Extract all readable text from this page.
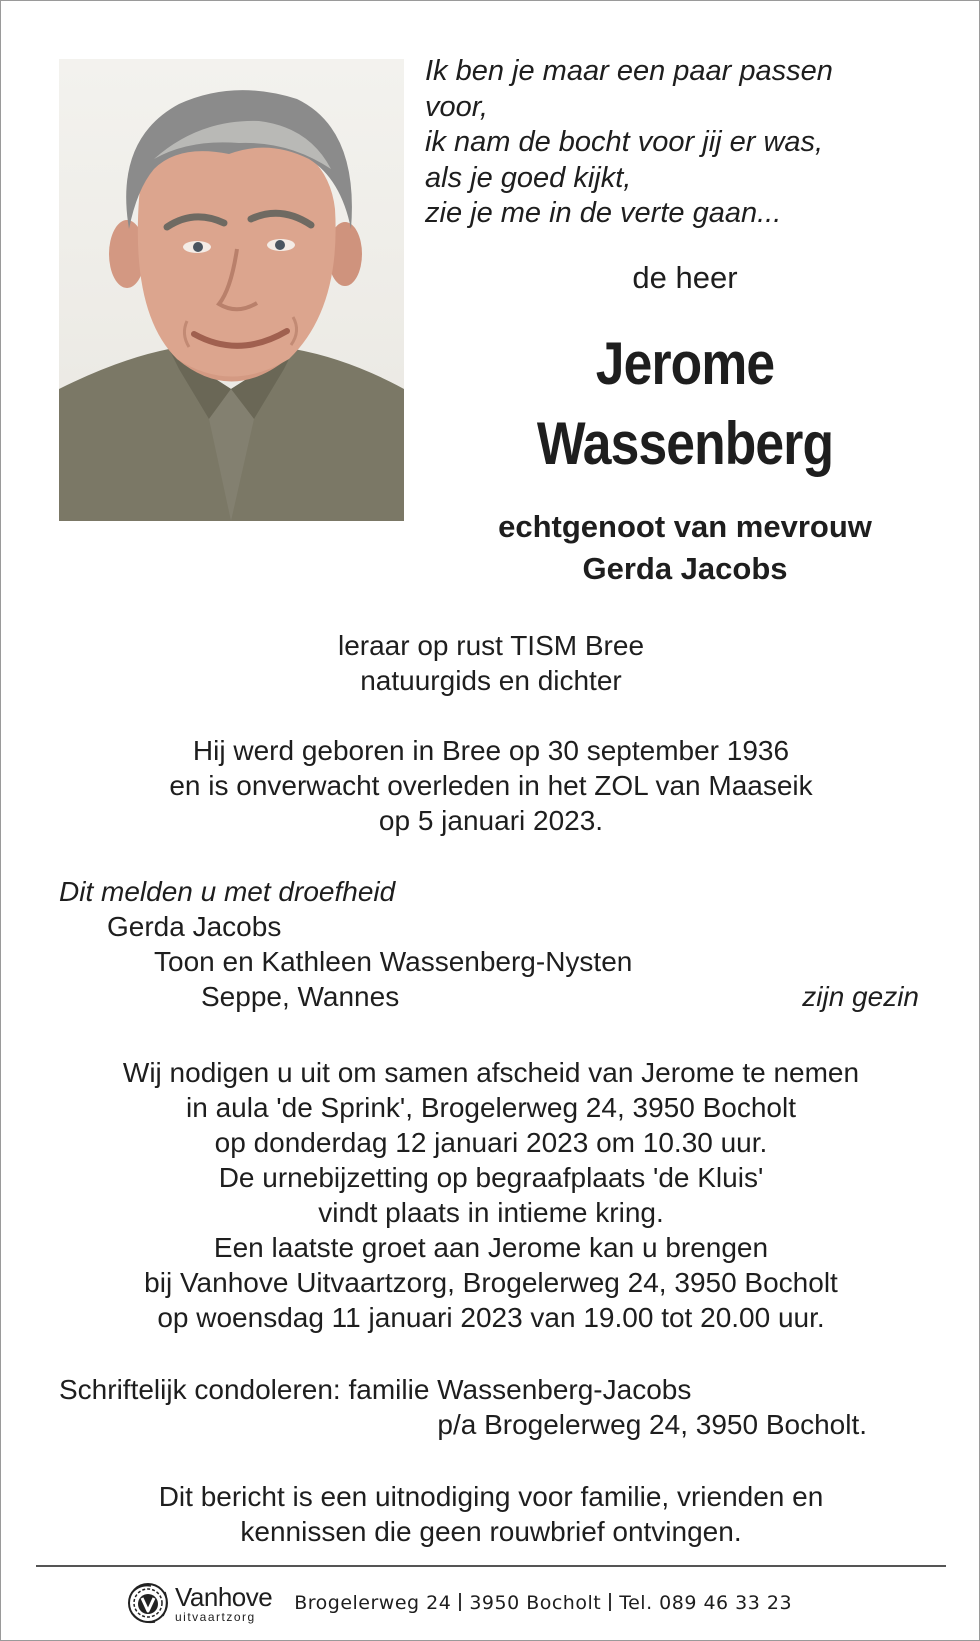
Ik ben je maar een paar passen
voor,
ik nam de bocht voor jij er was,
als je goed kijkt,
zie je me in de verte gaan...
de heer
Jerome
Wassenberg
echtgenoot van mevrouw
Gerda Jacobs
leraar op rust TISM Bree
natuurgids en dichter
Hij werd geboren in Bree op 30 september 1936
en is onverwacht overleden in het ZOL van Maaseik
op 5 januari 2023.
Dit melden u met droefheid
Gerda Jacobs
Toon en Kathleen Wassenberg-Nysten
Seppe, Wannes	zijn gezin
Wij nodigen u uit om samen afscheid van Jerome te nemen
in aula 'de Sprink', Brogelerweg 24, 3950 Bocholt
op donderdag 12 januari 2023 om 10.30 uur.
De urnebijzetting op begraafplaats 'de Kluis'
vindt plaats in intieme kring.
Een laatste groet aan Jerome kan u brengen
bij Vanhove Uitvaartzorg, Brogelerweg 24, 3950 Bocholt
op woensdag 11 januari 2023 van 19.00 tot 20.00 uur.
Schriftelijk condoleren: familie Wassenberg-Jacobs
p/a Brogelerweg 24, 3950 Bocholt.
Dit bericht is een uitnodiging voor familie, vrienden en
kennissen die geen rouwbrief ontvingen.
Vanhove
uitvaartzorg
Brogelerweg 24 3950 Bocholt Tel. 089 46 33 23
